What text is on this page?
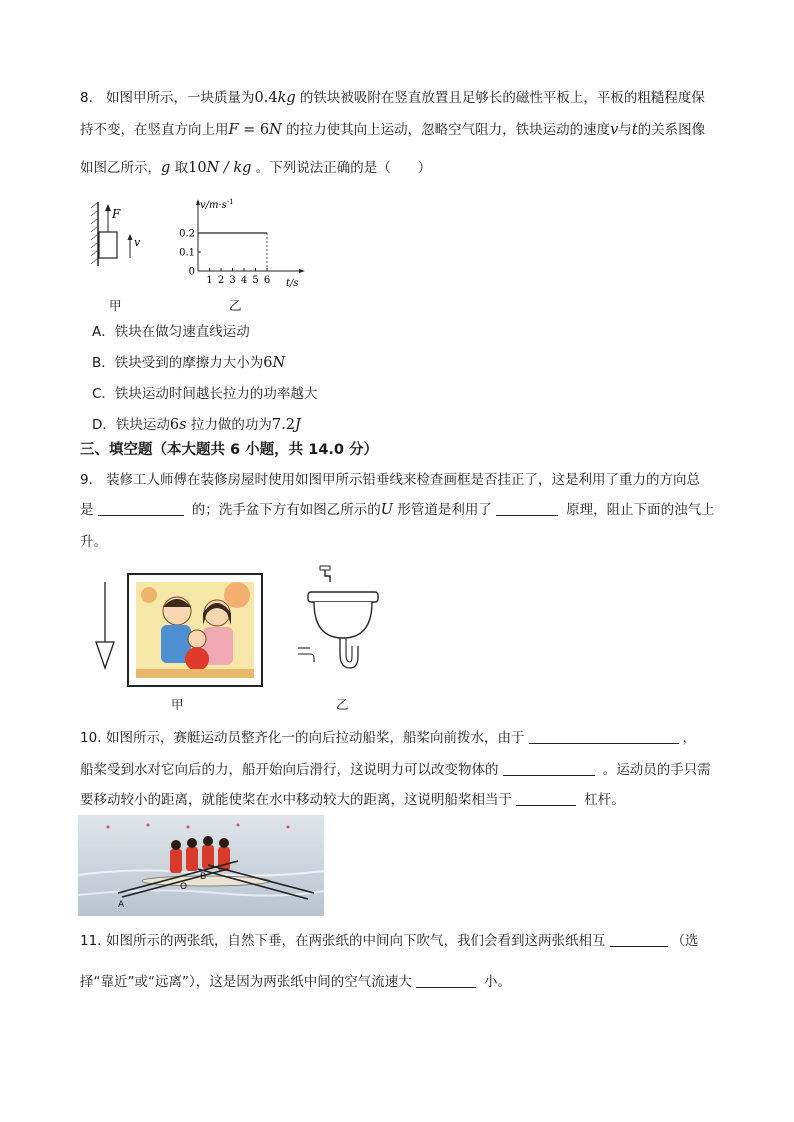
8. 如图甲所示，一块质量为0.4kg 的铁块被吸附在竖直放置且足够长的磁性平板上，平板的粗糙程度保
持不变，在竖直方向上用F = 6N 的拉力使其向上运动，忽略空气阻力，铁块运动的速度v与t的关系图像
如图乙所示，g 取10N / kg 。下列说法正确的是（　　）
F
v
甲
$v/m\cdot s^{-1}$
0.2
0.1
0
1 2 3 4 5 6 t/s
乙
A．铁块在做匀速直线运动
B．铁块受到的摩擦力大小为6N
C．铁块运动时间越长拉力的功率越大
D．铁块运动6s 拉力做的功为7.2J
三、填空题（本大题共 6 小题，共 14.0 分）
9. 装修工人师傅在装修房屋时使用如图甲所示铅垂线来检查画框是否挂正了，这是利用了重力的方向总
是	的；洗手盆下方有如图乙所示的U 形管道是利用了	原理，阻止下面的浊气上
升。
甲	乙
10. 如图所示，赛艇运动员整齐化一的向后拉动船桨，船桨向前拨水，由于	，
船桨受到水对它向后的力，船开始向后滑行，这说明力可以改变物体的	。运动员的手只需
要移动较小的距离，就能使桨在水中移动较大的距离，这说明船桨相当于	杠杆。
A
O
B
11. 如图所示的两张纸，自然下垂，在两张纸的中间向下吹气，我们会看到这两张纸相互	（选
择“靠近”或“远离”），这是因为两张纸中间的空气流速大	小。
